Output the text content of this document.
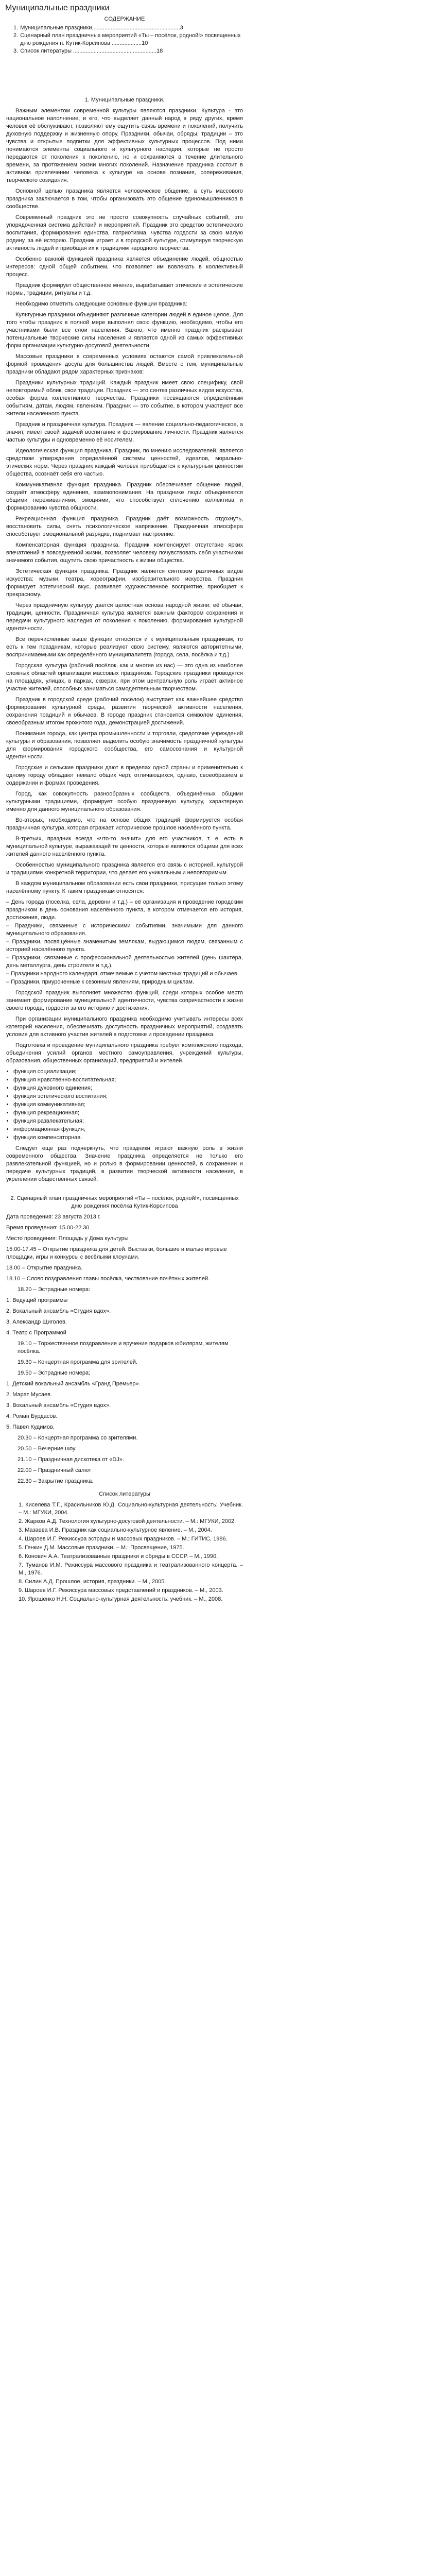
Муниципальные праздники
СОДЕРЖАНИЕ
1. Муниципальные праздники........................................................3
2. Сценарный план праздничных мероприятий «Ты – посёлок, родной!» посвященных дню рождения п. Кутик-Корсипова ...................10
3. Список литературы .....................................................18
1. Муниципальные праздники.

Важным элементом современной культуры являются праздники. Культура - это национальное наполнение, и его, что выделяет данный народ в ряду других, время человек её обслуживают, позволяют ему ощутить связь времени и поколений, получить духовную поддержку и жизненную опору. Праздники, обычаи, обряды, традиции – это чувства и открытые подпитки для эффективных культурных процессов. Под ними понимаются элементы социального и культурного наследия, которые не просто передаются от поколения к поколению, но и сохраняются в течение длительного времени, за протяжением жизни многих поколений. Назначение праздника состоит в активном привлечении человека к культуре на основе познания, сопереживания, творческого созидания.

Основной целью праздника является человеческое общение, а суть массового праздника заключается в том, чтобы организовать это общение единомышленников в сообществе.

Современный праздник это не просто совокупность случайных событий, это упорядоченная система действий и мероприятий. Праздник это средство эстетического воспитания, формирования единства, патриотизма, чувства гордости за свою малую родину, за её историю. Праздник играет и в городской культуре, стимулируя творческую активность людей и приобщая их к традициям народного творчества.

Особенно важной функцией праздника является объединение людей, общностью интересов: одной общей событием, что позволяет им вовлекать в коллективный процесс.

Праздник формирует общественное мнение, вырабатывает этические и эстетические нормы, традиции, ритуалы и т.д.

Необходимо отметить следующие основные функции праздника:

Культурные праздники объединяют различные категории людей в единое целое. Для того чтобы праздник в полной мере выполнял свою функцию, необходимо, чтобы его участниками были все слои населения. Важно, что именно праздник раскрывает потенциальные творческие силы населения и является одной из самых эффективных форм организации культурно-досуговой деятельности.

Массовые праздники в современных условиях остаются самой привлекательной формой проведения досуга для большинства людей. Вместе с тем, муниципальные праздники обладают рядом характерных признаков:

Праздники культурных традиций. Каждый праздник имеет свою специфику, свой неповторимый облик, свои традиции. Праздник — это синтез различных видов искусства, особая форма коллективного творчества. Праздники посвящаются определённым событиям, датам, людям, явлениям. Праздник — это событие, в котором участвуют все жители населённого пункта.

Праздник и праздничная культура. Праздник — явление социально-педагогическое, а значит, имеет своей задачей воспитание и формирование личности. Праздник является частью культуры и одновременно её носителем.

Идеологическая функция праздника. Праздник, по мнению исследователей, является средством утверждения определённой системы ценностей, идеалов, морально-этических норм. Через праздник каждый человек приобщается к культурным ценностям общества, осознаёт себя его частью.

Коммуникативная функция праздника. Праздник обеспечивает общение людей, создаёт атмосферу единения, взаимопонимания. На празднике люди объединяются общими переживаниями, эмоциями, что способствует сплочению коллектива и формированию чувства общности.

Рекреационная функция праздника. Праздник даёт возможность отдохнуть, восстановить силы, снять психологическое напряжение. Праздничная атмосфера способствует эмоциональной разрядке, поднимает настроение.

Компенсаторная функция праздника. Праздник компенсирует отсутствие ярких впечатлений в повседневной жизни, позволяет человеку почувствовать себя участником значимого события, ощутить свою причастность к жизни общества.

Эстетическая функция праздника. Праздник является синтезом различных видов искусства: музыки, театра, хореографии, изобразительного искусства. Праздник формирует эстетический вкус, развивает художественное восприятие, приобщает к прекрасному.

Через праздничную культуру дается целостная основа народной жизни: её обычаи, традиции, ценности. Праздничная культура является важным фактором сохранения и передачи культурного наследия от поколения к поколению, формирования культурной идентичности.

Все перечисленные выше функции относятся и к муниципальным праздникам, то есть к тем праздникам, которые реализуют свою систему, являются авторитетными, воспринимаемыми как определённого муниципалитета (города, села, посёлка и т.д.)

Городская культура (рабочий посёлок, как и многие из нас) — это одна из наиболее сложных областей организации массовых праздников. Городские праздники проводятся на площадях, улицах, в парках, скверах, при этом центральную роль играет активное участие жителей, способных заниматься самодеятельным творчеством.

Праздник в городской среде (рабочий посёлок) выступает как важнейшее средство формирования культурной среды, развития творческой активности населения, сохранения традиций и обычаев. В городе праздник становится символом единения, своеобразным итогом прожитого года, демонстрацией достижений.

Понимание города, как центра промышленности и торговли, средоточие учреждений культуры и образования, позволяет выделить особую значимость праздничной культуры для формирования городского сообщества, его самосознания и культурной идентичности.

Городские и сельские праздники дают в пределах одной страны и применительно к одному городу обладают немало общих черт, отличающихся, однако, своеобразием в содержании и формах проведения.

Город, как совокупность разнообразных сообществ, объединённых общими культурными традициями, формирует особую праздничную культуру, характерную именно для данного муниципального образования.

Во-вторых, необходимо, что на основе общих традиций формируется особая праздничная культура, которая отражает историческое прошлое населённого пункта.

В-третьих, праздник всегда «что-то значит» для его участников, т. е. есть в муниципальной культуре, выражающей те ценности, которые являются общими для всех жителей данного населённого пункта.

Особенностью муниципального праздника является его связь с историей, культурой и традициями конкретной территории, что делает его уникальным и неповторимым.

В каждом муниципальном образовании есть свои праздники, присущие только этому населённому пункту. К таким праздникам относятся:

– День города (посёлка, села, деревни и т.д.) – её организация и проведение городским праздником в день основания населённого пункта, в котором отмечается его история, достижения, люди.
– Праздники, связанные с историческими событиями, значимыми для данного муниципального образования.
– Праздники, посвящённые знаменитым землякам, выдающимся людям, связанным с историей населённого пункта.
– Праздники, связанные с профессиональной деятельностью жителей (день шахтёра, день металлурга, день строителя и т.д.).
– Праздники народного календаря, отмечаемые с учётом местных традиций и обычаев.
– Праздники, приуроченные к сезонным явлениям, природным циклам.

Городской праздник выполняет множество функций, среди которых особое место занимает формирование муниципальной идентичности, чувства сопричастности к жизни своего города, гордости за его историю и достижения.

При организации муниципального праздника необходимо учитывать интересы всех категорий населения, обеспечивать доступность праздничных мероприятий, создавать условия для активного участия жителей в подготовке и проведении праздника.

Подготовка и проведение муниципального праздника требует комплексного подхода, объединения усилий органов местного самоуправления, учреждений культуры, образования, общественных организаций, предприятий и жителей.

• функция социализации;
• функция нравственно-воспитательная;
• функция духовного единения;
• функция эстетического воспитания;
• функция коммуникативная;
• функция рекреационная;
• функция развлекательная;
• информационная функция;
• функция компенсаторная.

Следует еще раз подчеркнуть, что праздники играют важную роль в жизни современного общества. Значение праздника определяется не только его развлекательной функцией, но и ролью в формировании ценностей, в сохранении и передаче культурных традиций, в развитии творческой активности населения, в укреплении общественных связей.

2. Сценарный план праздничных мероприятий «Ты – посёлок, родной!», посвященных дню рождения посёлка Кутик-Корсипова

Дата проведения: 23 августа 2013 г.

Время проведения: 15.00-22.30

Место проведения: Площадь у Дома культуры

15.00-17.45 – Открытие праздника для детей. Выставки, большие и малые игровые площадки, игры и конкурсы с весёлыми клоунами.

18.00 – Открытие праздника.

18.10 – Слово поздравления главы посёлка, чествование почётных жителей.

18.20 – Эстрадные номера:

1. Ведущий программы

2. Вокальный ансамбль «Студия вдох».

3. Александр Щиголев.

4. Театр с Программой

19.10 – Торжественное поздравление и вручение подарков юбилярам, жителям посёлка.

19.30 – Концертная программа для зрителей.

19.50 – Эстрадные номера;

1. Детский вокальный ансамбль «Гранд Премьер».

2. Марат Мусаев.

3. Вокальный ансамбль «Студия вдох».

4. Роман Бурдасов.

5. Павел Кудимов.

20.30 – Концертная программа со зрителями.

20.50 – Вечерние шоу.

21.10 – Праздничная дискотека от «DJ».

22.00 – Праздничный салют

22.30 – Закрытие праздника.

Список литературы
1. Киселёва Т.Г., Красильников Ю.Д. Социально-культурная деятельность: Учебник. – М.: МГУКИ, 2004.
2. Жарков А.Д. Технология культурно-досуговой деятельности. – М.: МГУКИ, 2002.
3. Мазаева И.В. Праздник как социально-культурное явление. – М., 2004.
4. Шароев И.Г. Режиссура эстрады и массовых праздников. – М.: ГИТИС, 1986.
5. Генкин Д.М. Массовые праздники. – М.: Просвещение, 1975.
6. Конович А.А. Театрализованные праздники и обряды в СССР. – М., 1990.
7. Туманов И.М. Режиссура массового праздника и театрализованного концерта. – М., 1976.
8. Силин А.Д. Прошлое, история, праздники. – М., 2005.
9. Шароев И.Г. Режиссура массовых представлений и праздников. – М., 2003.
10. Ярошенко Н.Н. Социально-культурная деятельность: учебник. – М., 2008.
